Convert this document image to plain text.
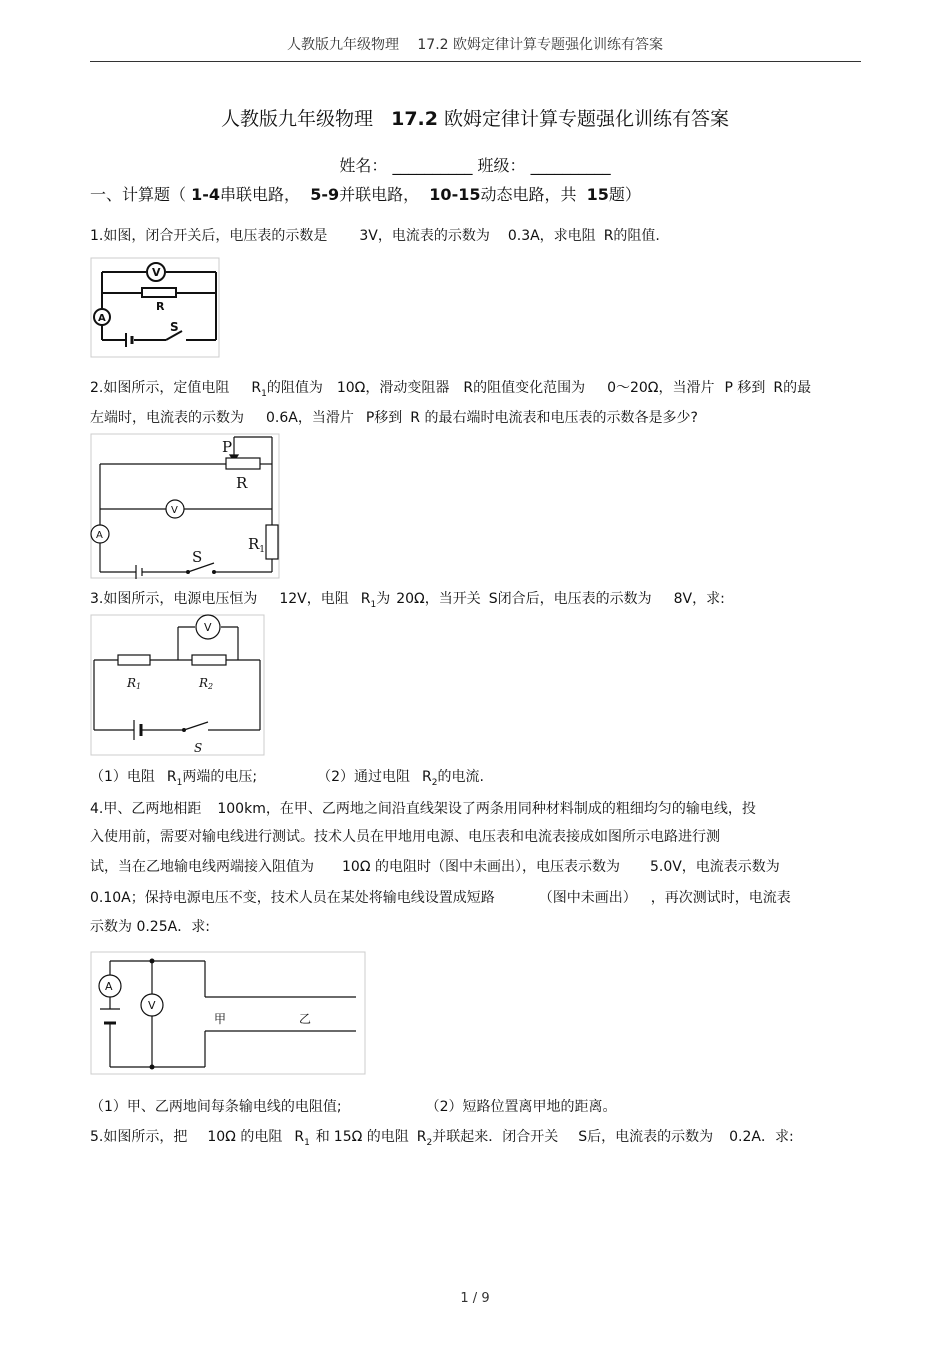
人教版九年级物理　 17.2 欧姆定律计算专题强化训练有答案
人教版九年级物理 17.2 欧姆定律计算专题强化训练有答案
姓名： __________ 班级： __________
一、计算题（ 1-4串联电路， 5-9并联电路， 10-15动态电路，共 15题）
1.如图，闭合开关后，电压表的示数是 3V，电流表的示数为 0.3A，求电阻 R的阻值.
V
A
R
S
2.如图所示，定值电阻 $R_1$的阻值为 10Ω，滑动变阻器 R的阻值变化范围为 0～20Ω，当滑片 P 移到 R的最
左端时，电流表的示数为 0.6A，当滑片 P移到 R 的最右端时电流表和电压表的示数各是多少?
P
R
V
A	$R_1$
S
3.如图所示，电源电压恒为 12V，电阻 $R_1$为 20Ω，当开关 S闭合后，电压表的示数为 8V，求:
V
R1	R2
S
（1）电阻 $R_1$两端的电压;	（2）通过电阻 $R_2$的电流.
4.甲、乙两地相距 100km，在甲、乙两地之间沿直线架设了两条用同种材料制成的粗细均匀的输电线，投
入使用前，需要对输电线进行测试。技术人员在甲地用电源、电压表和电流表接成如图所示电路进行测
试，当在乙地输电线两端接入阻值为 10Ω 的电阻时（图中未画出），电压表示数为 5.0V，电流表示数为
0.10A；保持电源电压不变，技术人员在某处将输电线设置成短路	（图中未画出） ，再次测试时，电流表
示数为 0.25A．求:
A
V
甲	乙
（1）甲、乙两地间每条输电线的电阻值;	（2）短路位置离甲地的距离。
5.如图所示，把 10Ω 的电阻 $R_1$ 和 15Ω 的电阻 $R_2$并联起来．闭合开关 S后，电流表的示数为 0.2A．求:
1 / 9
